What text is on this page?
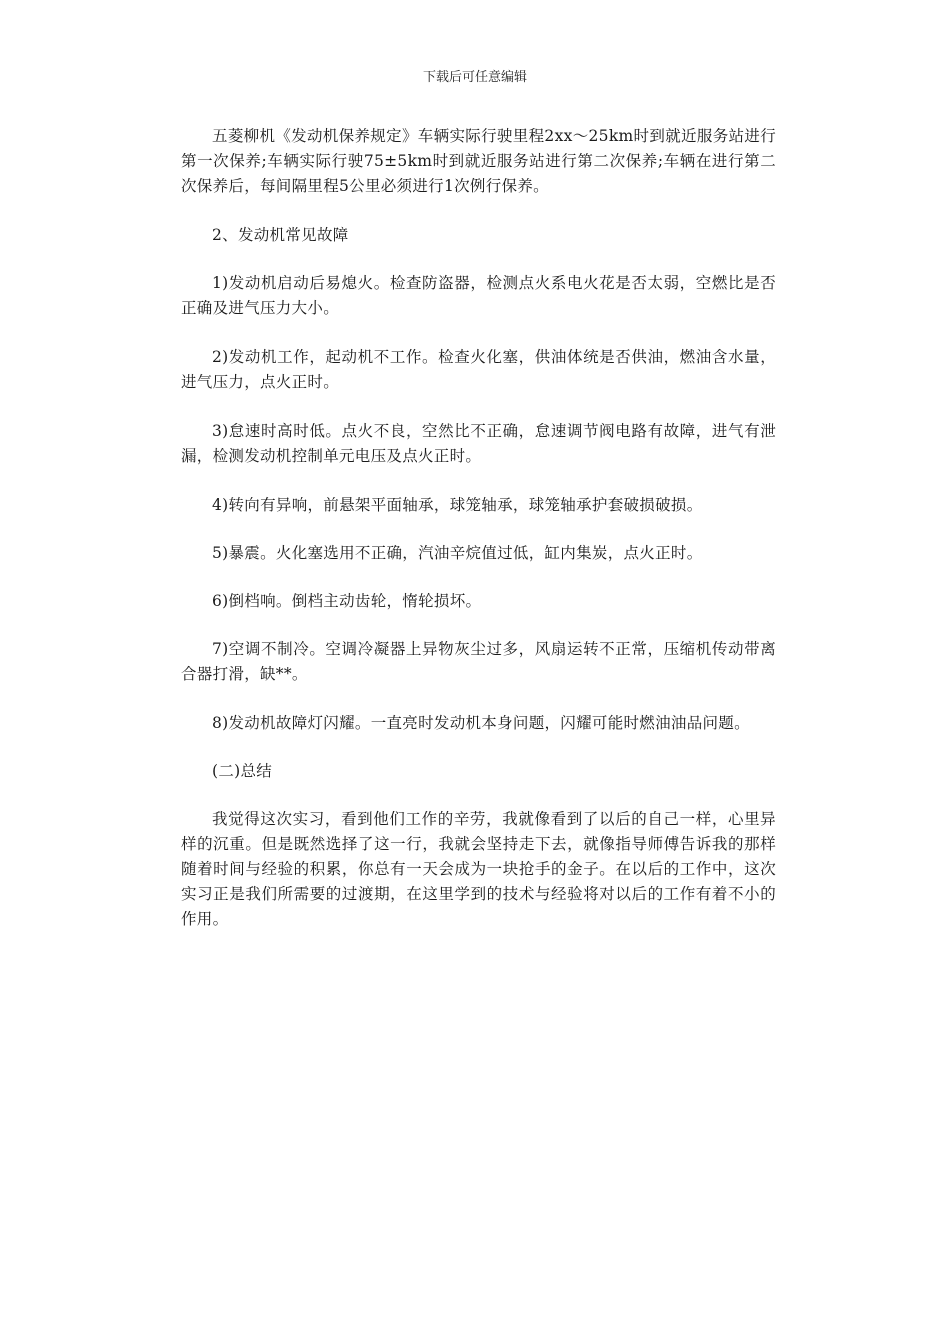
下载后可任意编辑

五菱柳机《发动机保养规定》车辆实际行驶里程2xx～25km时到就近服务站进行第一次保养;车辆实际行驶75±5km时到就近服务站进行第二次保养;车辆在进行第二次保养后，每间隔里程5公里必须进行1次例行保养。

2、发动机常见故障

1)发动机启动后易熄火。检查防盗器，检测点火系电火花是否太弱，空燃比是否正确及进气压力大小。

2)发动机工作，起动机不工作。检查火化塞，供油体统是否供油，燃油含水量，进气压力，点火正时。

3)怠速时高时低。点火不良，空然比不正确，怠速调节阀电路有故障，进气有泄漏，检测发动机控制单元电压及点火正时。

4)转向有异响，前悬架平面轴承，球笼轴承，球笼轴承护套破损破损。

5)暴震。火化塞选用不正确，汽油辛烷值过低，缸内集炭，点火正时。

6)倒档响。倒档主动齿轮，惰轮损坏。

7)空调不制冷。空调冷凝器上异物灰尘过多，风扇运转不正常，压缩机传动带离合器打滑，缺**。

8)发动机故障灯闪耀。一直亮时发动机本身问题，闪耀可能时燃油油品问题。

(二)总结

我觉得这次实习，看到他们工作的辛劳，我就像看到了以后的自己一样，心里异样的沉重。但是既然选择了这一行，我就会坚持走下去，就像指导师傅告诉我的那样随着时间与经验的积累，你总有一天会成为一块抢手的金子。在以后的工作中，这次实习正是我们所需要的过渡期，在这里学到的技术与经验将对以后的工作有着不小的作用。
